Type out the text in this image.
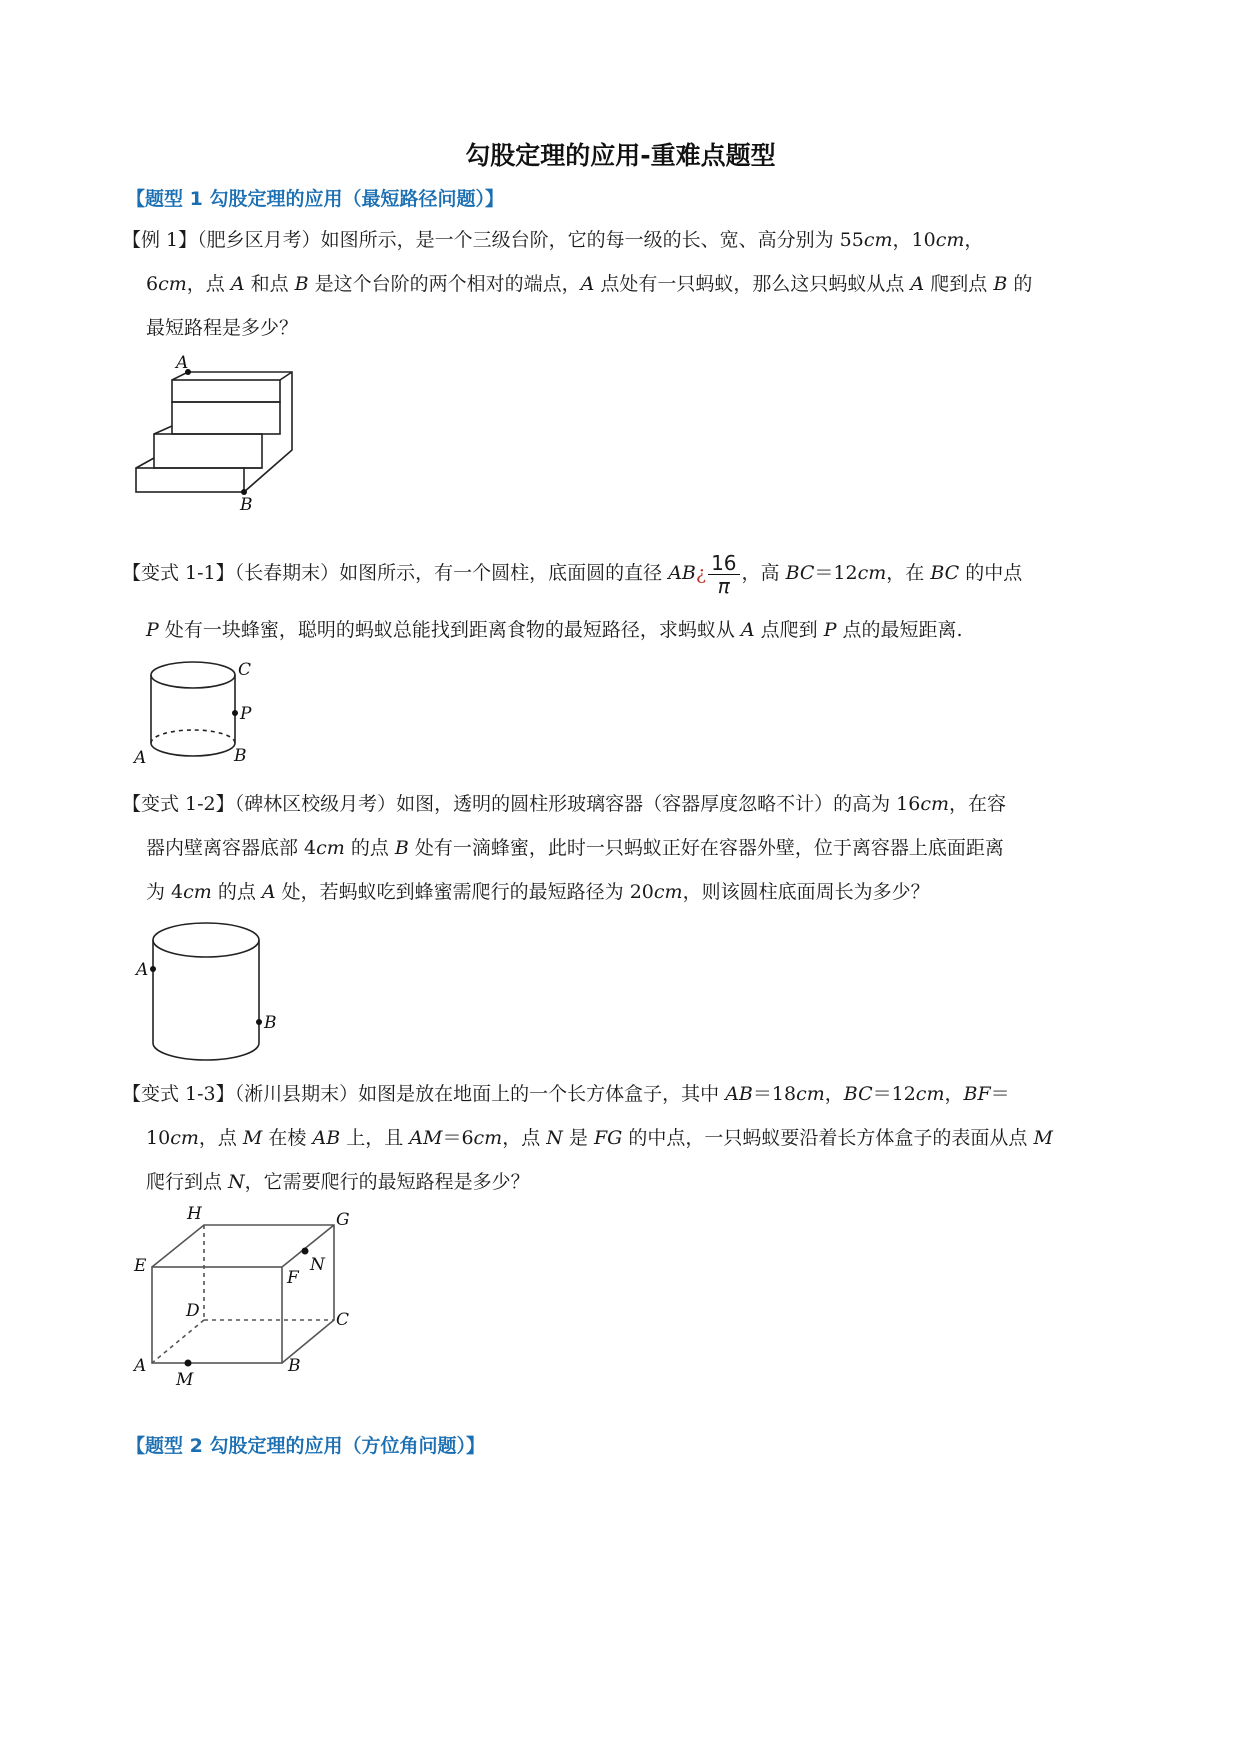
勾股定理的应用-重难点题型
【题型 1 勾股定理的应用（最短路径问题）】
【例 1】（肥乡区月考）如图所示，是一个三级台阶，它的每一级的长、宽、高分别为 55cm，10cm，
6cm，点 A 和点 B 是这个台阶的两个相对的端点，A 点处有一只蚂蚁，那么这只蚂蚁从点 A 爬到点 B 的
最短路程是多少？
A
B
【变式 1-1】（长春期末）如图所示，有一个圆柱，底面圆的直径 AB¿ $\frac{16}{\pi}$ ，高 BC＝12cm，在 BC 的中点
P 处有一块蜂蜜，聪明的蚂蚁总能找到距离食物的最短路径，求蚂蚁从 A 点爬到 P 点的最短距离.
C
P
A	B
【变式 1-2】（碑林区校级月考）如图，透明的圆柱形玻璃容器（容器厚度忽略不计）的高为 16cm，在容
器内壁离容器底部 4cm 的点 B 处有一滴蜂蜜，此时一只蚂蚁正好在容器外壁，位于离容器上底面距离
为 4cm 的点 A 处，若蚂蚁吃到蜂蜜需爬行的最短路径为 20cm，则该圆柱底面周长为多少？
A
B
【变式 1-3】（淅川县期末）如图是放在地面上的一个长方体盒子，其中 AB＝18cm，BC＝12cm，BF＝
10cm，点 M 在棱 AB 上，且 AM＝6cm，点 N 是 FG 的中点，一只蚂蚁要沿着长方体盒子的表面从点 M
爬行到点 N，它需要爬行的最短路程是多少？
H	G
E
F
N
D	C
A	B
M
【题型 2 勾股定理的应用（方位角问题）】
